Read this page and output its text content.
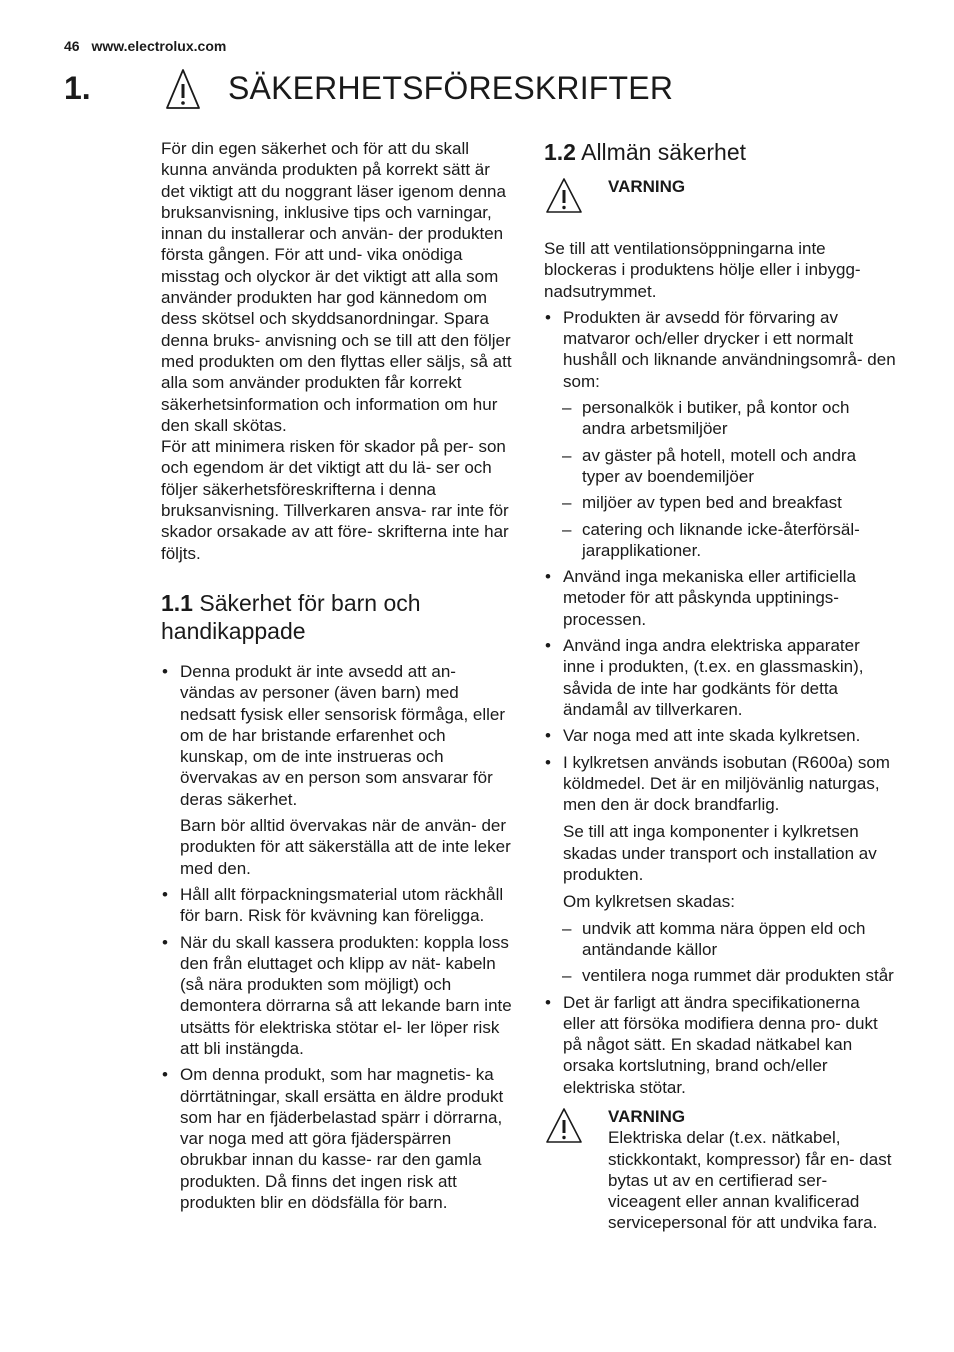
46 www.electrolux.com
1.	SÄKERHETSFÖRESKRIFTER

För din egen säkerhet och för att du skall kunna använda produkten på korrekt sätt är det viktigt att du noggrant läser igenom denna bruksanvisning, inklusive tips och varningar, innan du installerar och använ- der produkten första gången. För att und- vika onödiga misstag och olyckor är det viktigt att alla som använder produkten har god kännedom om dess skötsel och skyddsanordningar. Spara denna bruks- anvisning och se till att den följer med produkten om den flyttas eller säljs, så att alla som använder produkten får korrekt säkerhetsinformation och information om hur den skall skötas.

För att minimera risken för skador på per- son och egendom är det viktigt att du lä- ser och följer säkerhetsföreskrifterna i denna bruksanvisning. Tillverkaren ansva- rar inte för skador orsakade av att före- skrifterna inte har följts.

1.1 Säkerhet för barn och handikappade

• Denna produkt är inte avsedd att an- vändas av personer (även barn) med nedsatt fysisk eller sensorisk förmåga, eller om de har bristande erfarenhet och kunskap, om de inte instrueras och övervakas av en person som ansvarar för deras säkerhet.

Barn bör alltid övervakas när de använ- der produkten för att säkerställa att de inte leker med den.

• Håll allt förpackningsmaterial utom räckhåll för barn. Risk för kvävning kan föreligga.
• När du skall kassera produkten: koppla loss den från eluttaget och klipp av nät- kabeln (så nära produkten som möjligt) och demontera dörrarna så att lekande barn inte utsätts för elektriska stötar el- ler löper risk att bli instängda.
• Om denna produkt, som har magnetis- ka dörrtätningar, skall ersätta en äldre produkt som har en fjäderbelastad spärr i dörrarna, var noga med att göra fjäderspärren obrukbar innan du kasse- rar den gamla produkten. Då finns det ingen risk att produkten blir en dödsfälla för barn.
1.2 Allmän säkerhet
VARNING

Se till att ventilationsöppningarna inte blockeras i produktens hölje eller i inbygg- nadsutrymmet.

• Produkten är avsedd för förvaring av matvaror och/eller drycker i ett normalt hushåll och liknande användningsområ- den som:
– personalkök i butiker, på kontor och andra arbetsmiljöer
– av gäster på hotell, motell och andra typer av boendemiljöer
– miljöer av typen bed and breakfast
– catering och liknande icke-återförsäl- jarapplikationer.
• Använd inga mekaniska eller artificiella metoder för att påskynda upptinings- processen.
• Använd inga andra elektriska apparater inne i produkten, (t.ex. en glassmaskin), såvida de inte har godkänts för detta ändamål av tillverkaren.
• Var noga med att inte skada kylkretsen.

• I kylkretsen används isobutan (R600a) som köldmedel. Det är en miljövänlig naturgas, men den är dock brandfarlig.

Se till att inga komponenter i kylkretsen skadas under transport och installation av produkten.

Om kylkretsen skadas:

– undvik att komma nära öppen eld och antändande källor
– ventilera noga rummet där produkten står
• Det är farligt att ändra specifikationerna eller att försöka modifiera denna pro- dukt på något sätt. En skadad nätkabel kan orsaka kortslutning, brand och/eller elektriska stötar.
VARNING
Elektriska delar (t.ex. nätkabel, stickkontakt, kompressor) får en- dast bytas ut av en certifierad ser- viceagent eller annan kvalificerad servicepersonal för att undvika fara.
